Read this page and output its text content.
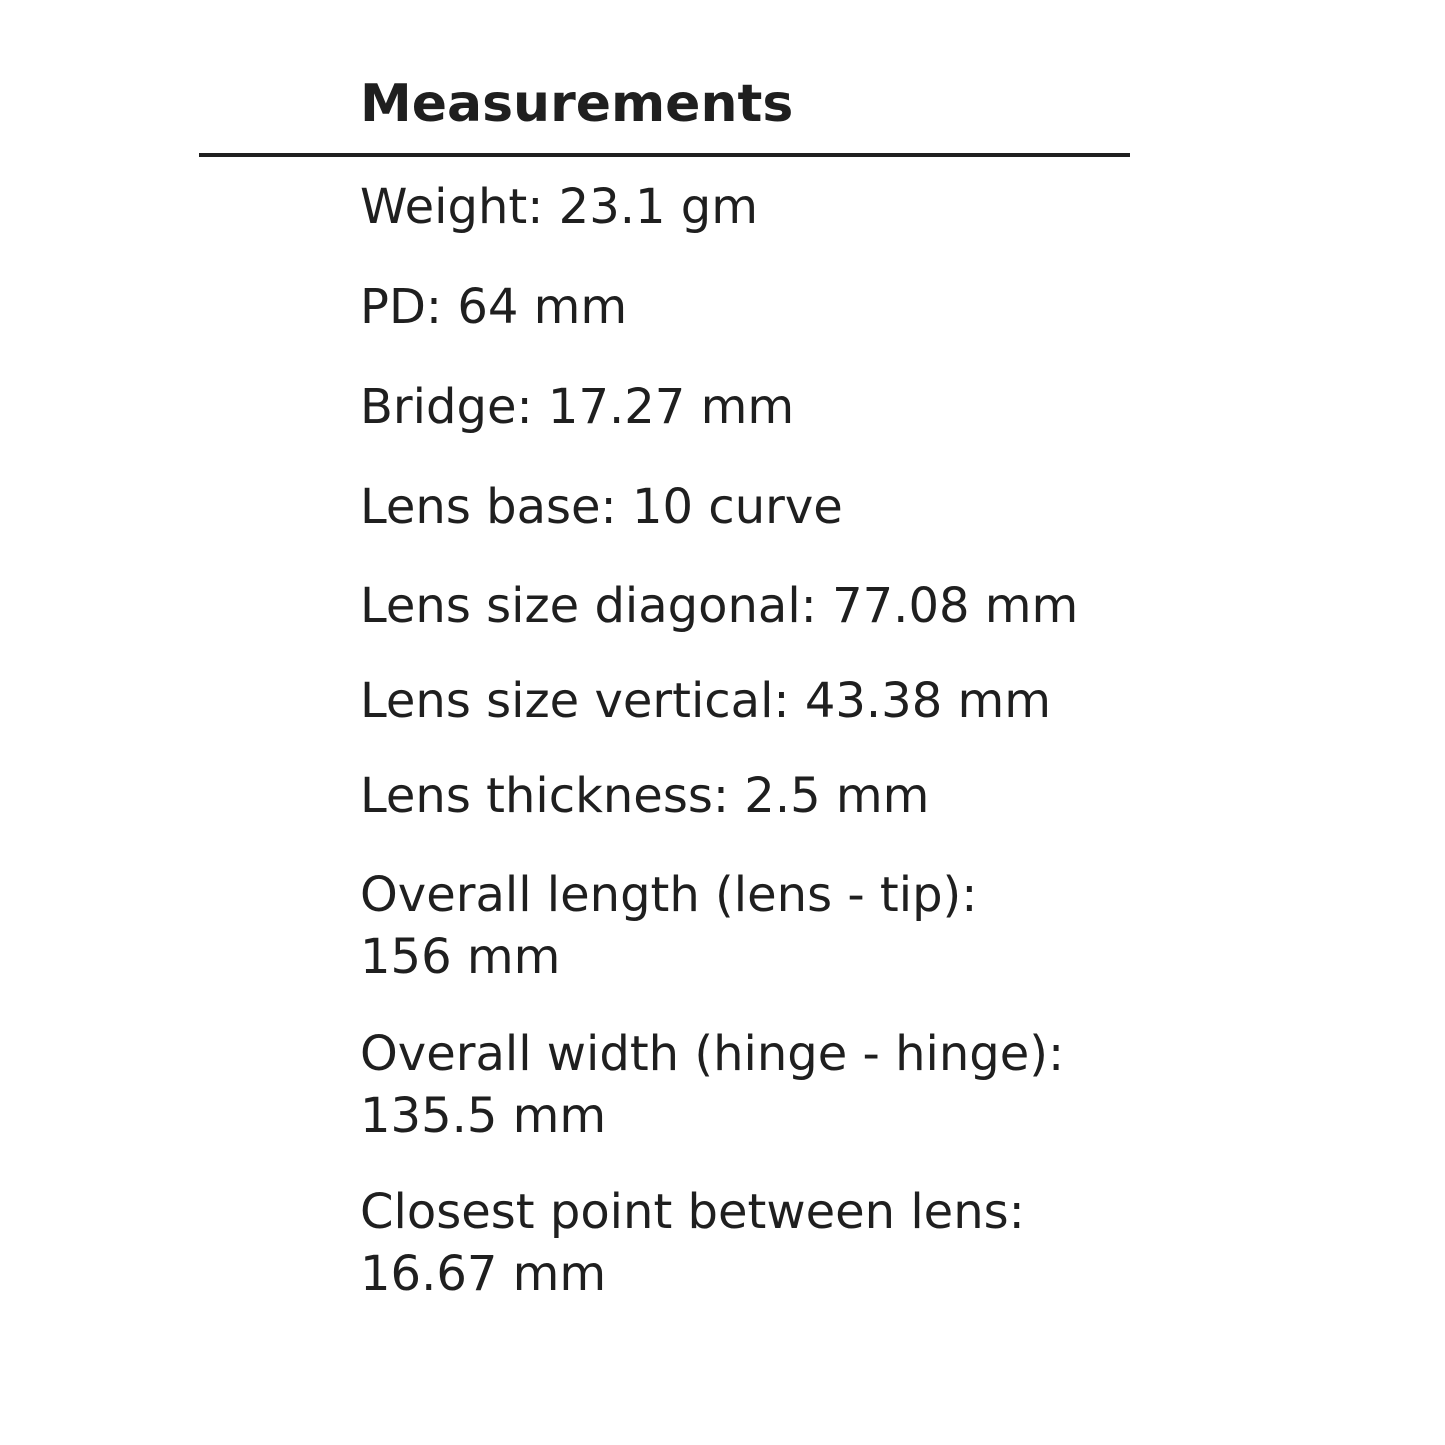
Measurements

Weight: 23.1 gm

PD: 64 mm

Bridge: 17.27 mm

Lens base: 10 curve

Lens size diagonal: 77.08 mm

Lens size vertical: 43.38 mm

Lens thickness: 2.5 mm

Overall length (lens - tip):
156 mm

Overall width (hinge - hinge):
135.5 mm

Closest point between lens:
16.67 mm
